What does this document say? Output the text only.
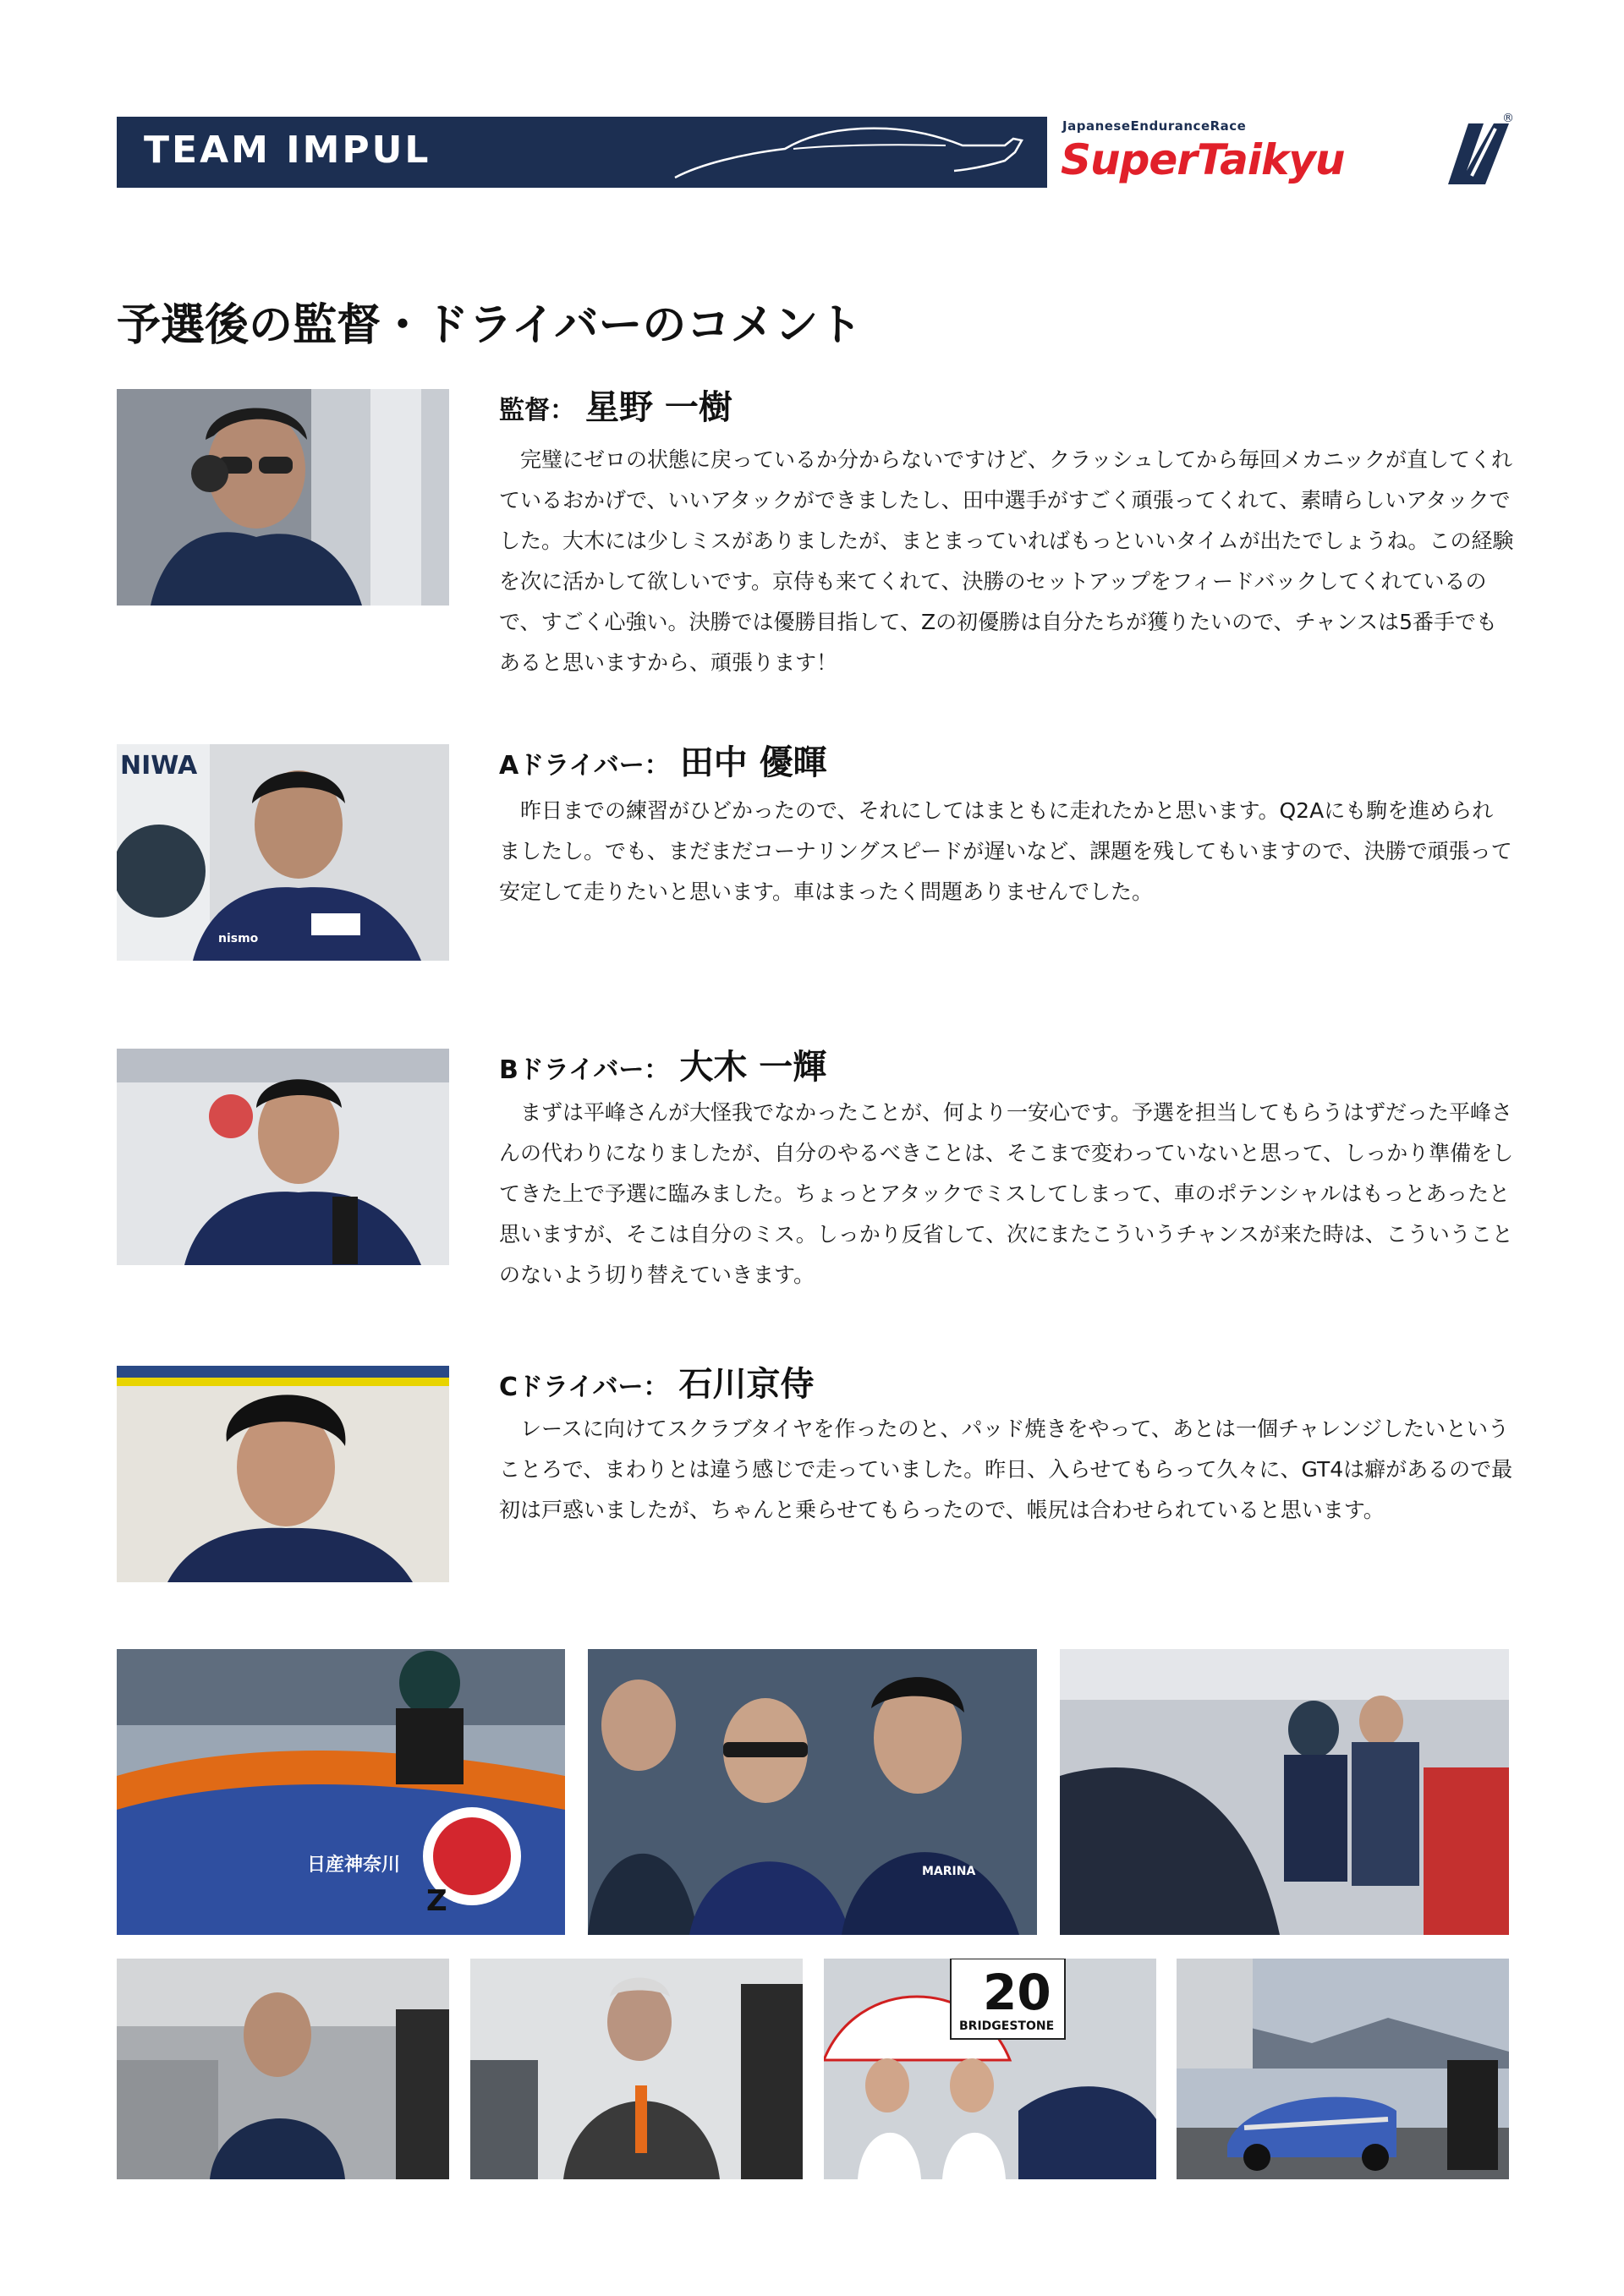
TEAM IMPUL
JapaneseEnduranceRace
SuperTaikyu
®
予選後の監督・ドライバーのコメント
監督： 星野 一樹

完璧にゼロの状態に戻っているか分からないですけど、クラッシュしてから毎回メカニックが直してくれているおかげで、いいアタックができましたし、田中選手がすごく頑張ってくれて、素晴らしいアタックでした。大木には少しミスがありましたが、まとまっていればもっといいタイムが出たでしょうね。この経験を次に活かして欲しいです。京侍も来てくれて、決勝のセットアップをフィードバックしてくれているので、すごく心強い。決勝では優勝目指して、Zの初優勝は自分たちが獲りたいので、チャンスは5番手でもあると思いますから、頑張ります！

NIWA
nismo
Aドライバー： 田中 優暉

昨日までの練習がひどかったので、それにしてはまともに走れたかと思います。Q2Aにも駒を進められましたし。でも、まだまだコーナリングスピードが遅いなど、課題を残してもいますので、決勝で頑張って安定して走りたいと思います。車はまったく問題ありませんでした。

Bドライバー： 大木 一輝

まずは平峰さんが大怪我でなかったことが、何より一安心です。予選を担当してもらうはずだった平峰さんの代わりになりましたが、自分のやるべきことは、そこまで変わっていないと思って、しっかり準備をしてきた上で予選に臨みました。ちょっとアタックでミスしてしまって、車のポテンシャルはもっとあったと思いますが、そこは自分のミス。しっかり反省して、次にまたこういうチャンスが来た時は、こういうことのないよう切り替えていきます。

Cドライバー： 石川京侍

レースに向けてスクラブタイヤを作ったのと、パッド焼きをやって、あとは一個チャレンジしたいということろで、まわりとは違う感じで走っていました。昨日、入らせてもらって久々に、GT4は癖があるので最初は戸惑いましたが、ちゃんと乗らせてもらったので、帳尻は合わせられていると思います。

日産神奈川
Z
MARINA
20
BRIDGESTONE
